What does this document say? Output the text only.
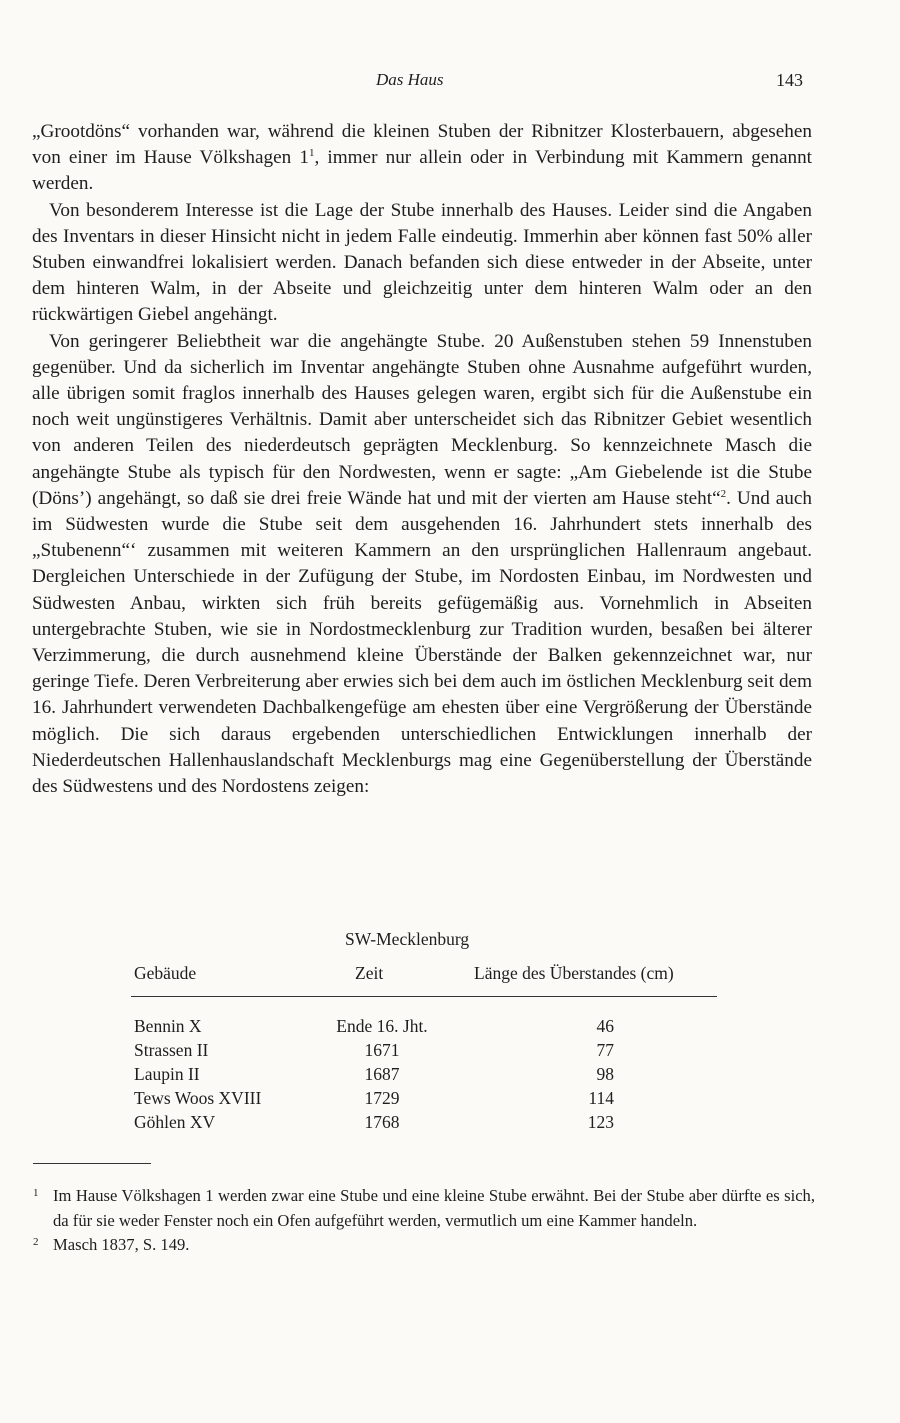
Das Haus	143

„Grootdöns“ vorhanden war, während die kleinen Stuben der Ribnitzer Klosterbauern, abgesehen von einer im Hause Völkshagen $1^1$, immer nur allein oder in Verbindung mit Kammern genannt werden.

Von besonderem Interesse ist die Lage der Stube innerhalb des Hauses. Leider sind die Angaben des Inventars in dieser Hinsicht nicht in jedem Falle eindeutig. Immerhin aber können fast 50% aller Stuben einwandfrei lokalisiert werden. Danach befanden sich diese entweder in der Abseite, unter dem hinteren Walm, in der Abseite und gleichzeitig unter dem hinteren Walm oder an den rückwärtigen Giebel angehängt.

Von geringerer Beliebtheit war die angehängte Stube. 20 Außenstuben stehen 59 Innenstuben gegenüber. Und da sicherlich im Inventar angehängte Stuben ohne Ausnahme aufgeführt wurden, alle übrigen somit fraglos innerhalb des Hauses gelegen waren, ergibt sich für die Außenstube ein noch weit ungünstigeres Verhältnis. Damit aber unterscheidet sich das Ribnitzer Gebiet wesentlich von anderen Teilen des niederdeutsch geprägten Mecklenburg. So kennzeichnete Masch die angehängte Stube als typisch für den Nordwesten, wenn er sagte: „Am Giebelende ist die Stube (Döns’) angehängt, so daß sie drei freie Wände hat und mit der vierten am Hause steht“$^2$. Und auch im Südwesten wurde die Stube seit dem ausgehenden 16. Jahrhundert stets innerhalb des „Stubenenn“‘ zusammen mit weiteren Kammern an den ursprünglichen Hallenraum angebaut. Dergleichen Unterschiede in der Zufügung der Stube, im Nordosten Einbau, im Nordwesten und Südwesten Anbau, wirkten sich früh bereits gefügemäßig aus. Vornehmlich in Abseiten untergebrachte Stuben, wie sie in Nordostmecklenburg zur Tradition wurden, besaßen bei älterer Verzimmerung, die durch ausnehmend kleine Überstände der Balken gekennzeichnet war, nur geringe Tiefe. Deren Verbreiterung aber erwies sich bei dem auch im östlichen Mecklenburg seit dem 16. Jahrhundert verwendeten Dachbalkengefüge am ehesten über eine Vergrößerung der Überstände möglich. Die sich daraus ergebenden unterschiedlichen Entwicklungen innerhalb der Niederdeutschen Hallenhauslandschaft Mecklenburgs mag eine Gegenüberstellung der Überstände des Südwestens und des Nordostens zeigen:

SW-Mecklenburg
Gebäude	Zeit	Länge des Überstandes (cm)
Bennin X	Ende 16. Jht.	46
Strassen II	1671	77
Laupin II	1687	98
Tews Woos XVIII	1729	114
Göhlen XV	1768	123
1 Im Hause Völkshagen 1 werden zwar eine Stube und eine kleine Stube erwähnt. Bei der Stube aber dürfte es sich, da für sie weder Fenster noch ein Ofen aufgeführt werden, vermutlich um eine Kammer handeln.
2 Masch 1837, S. 149.
